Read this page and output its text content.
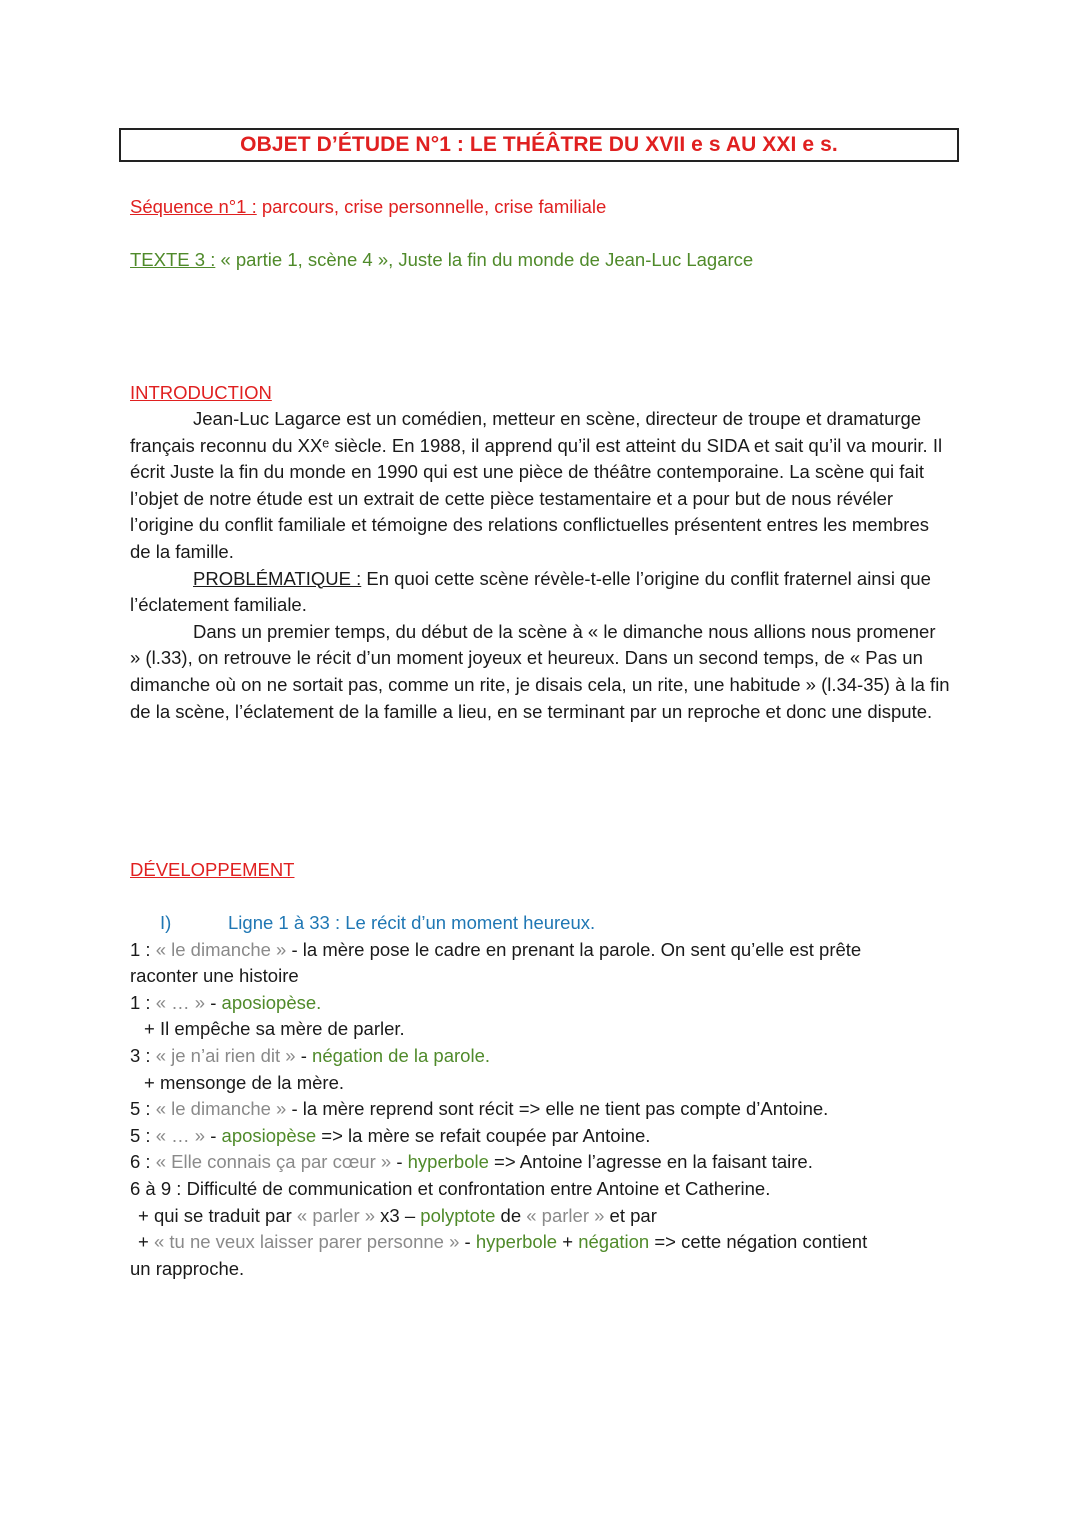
OBJET D’ÉTUDE N°1 : LE THÉÂTRE DU XVII e s AU XXI e s.
Séquence n°1 : parcours, crise personnelle, crise familiale
TEXTE 3 : « partie 1, scène 4 », Juste la fin du monde de Jean-Luc Lagarce
INTRODUCTION

Jean-Luc Lagarce est un comédien, metteur en scène, directeur de troupe et dramaturge français reconnu du XXᵉ siècle. En 1988, il apprend qu’il est atteint du SIDA et sait qu’il va mourir. Il écrit Juste la fin du monde en 1990 qui est une pièce de théâtre contemporaine. La scène qui fait l’objet de notre étude est un extrait de cette pièce testamentaire et a pour but de nous révéler l’origine du conflit familiale et témoigne des relations conflictuelles présentent entres les membres de la famille.

PROBLÉMATIQUE : En quoi cette scène révèle-t-elle l’origine du conflit fraternel ainsi que l’éclatement familiale.

Dans un premier temps, du début de la scène à « le dimanche nous allions nous promener » (l.33), on retrouve le récit d’un moment joyeux et heureux. Dans un second temps, de « Pas un dimanche où on ne sortait pas, comme un rite, je disais cela, un rite, une habitude » (l.34-35) à la fin de la scène, l’éclatement de la famille a lieu, en se terminant par un reproche et donc une dispute.

DÉVELOPPEMENT
I)	Ligne 1 à 33 : Le récit d’un moment heureux.
1 : « le dimanche » - la mère pose le cadre en prenant la parole. On sent qu’elle est prête
raconter une histoire
1 : « … » - aposiopèse.
+ Il empêche sa mère de parler.
3 : « je n’ai rien dit » - négation de la parole.
+ mensonge de la mère.
5 : « le dimanche » - la mère reprend sont récit => elle ne tient pas compte d’Antoine.
5 : « … » - aposiopèse => la mère se refait coupée par Antoine.
6 : « Elle connais ça par cœur » - hyperbole => Antoine l’agresse en la faisant taire.
6 à 9 : Difficulté de communication et confrontation entre Antoine et Catherine.
+ qui se traduit par « parler » x3 – polyptote de « parler » et par
+ « tu ne veux laisser parer personne » - hyperbole + négation => cette négation contient
un rapproche.
